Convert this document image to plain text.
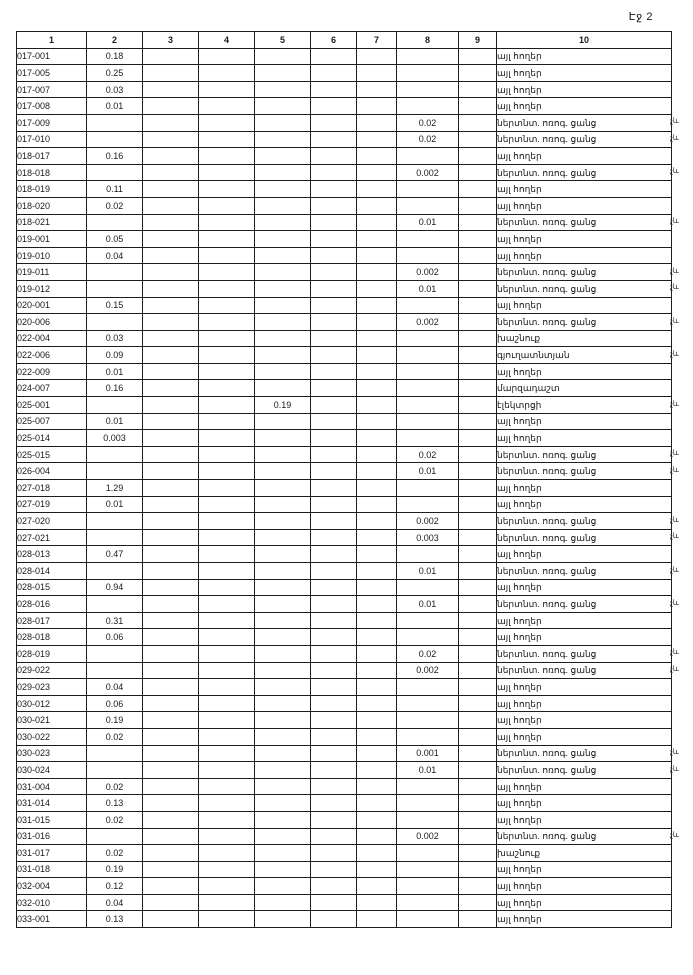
Էջ 2
1	2	3	4	5	6	7	8	9	10
017-001	0.18								այլ հողեր
017-005	0.25								այլ հողեր
017-007	0.03								այլ հողեր
017-008	0.01								այլ հողեր
017-009							0.02		ներտնտ. ոռոգ. ցանց
017-010							0.02		ներտնտ. ոռոգ. ցանց
018-017	0.16								այլ հողեր
018-018							0.002		ներտնտ. ոռոգ. ցանց
018-019	0.11								այլ հողեր
018-020	0.02								այլ հողեր
018-021							0.01		ներտնտ. ոռոգ. ցանց
019-001	0.05								այլ հողեր
019-010	0.04								այլ հողեր
019-011							0.002		ներտնտ. ոռոգ. ցանց
019-012							0.01		ներտնտ. ոռոգ. ցանց
020-001	0.15								այլ հողեր
020-006							0.002		ներտնտ. ոռոգ. ցանց
022-004	0.03								խաշնուք
022-006	0.09								գյուղատնտյան
022-009	0.01								այլ հողեր
024-007	0.16								մարզադաշտ
025-001				0.19					էլեկտրցի
025-007	0.01								այլ հողեր
025-014	0.003								այլ հողեր
025-015							0.02		ներտնտ. ոռոգ. ցանց
026-004							0.01		ներտնտ. ոռոգ. ցանց
027-018	1.29								այլ հողեր
027-019	0.01								այլ հողեր
027-020							0.002		ներտնտ. ոռոգ. ցանց
027-021							0.003		ներտնտ. ոռոգ. ցանց
028-013	0.47								այլ հողեր
028-014							0.01		ներտնտ. ոռոգ. ցանց
028-015	0.94								այլ հողեր
028-016							0.01		ներտնտ. ոռոգ. ցանց
028-017	0.31								այլ հողեր
028-018	0.06								այլ հողեր
028-019							0.02		ներտնտ. ոռոգ. ցանց
029-022							0.002		ներտնտ. ոռոգ. ցանց
029-023	0.04								այլ հողեր
030-012	0.06								այլ հողեր
030-021	0.19								այլ հողեր
030-022	0.02								այլ հողեր
030-023							0.001		ներտնտ. ոռոգ. ցանց
030-024							0.01		ներտնտ. ոռոգ. ցանց
031-004	0.02								այլ հողեր
031-014	0.13								այլ հողեր
031-015	0.02								այլ հողեր
031-016							0.002		ներտնտ. ոռոգ. ցանց
031-017	0.02								խաշնուք
031-018	0.19								այլ հողեր
032-004	0.12								այլ հողեր
032-010	0.04								այլ հողեր
033-001	0.13								այլ հողեր
չև
չև
չև
չև
չև
չև
չև
չև
չև
չև
չև
չև
չև
չև
չև
չև
չև
չև
չև
չև
